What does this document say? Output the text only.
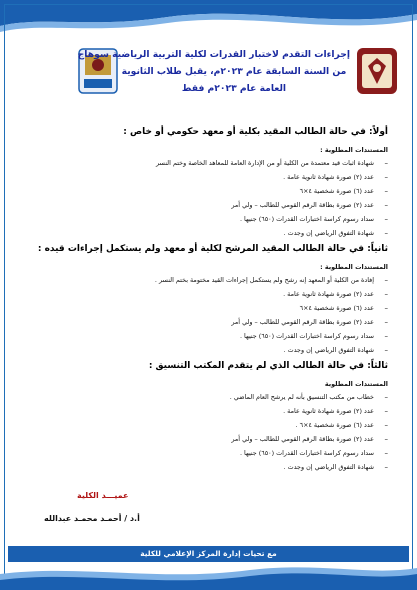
إجراءات التقدم لاختبار القدرات لكلية التربية الرياضية سوهاج
من السنة السابقة عام ٢٠٢٣م، يقبل طلاب الثانوية
العامة عام ٢٠٢٣م فقط
أولاً: في حالة الطالب المقيد بكلية أو معهد حكومي أو خاص :
المستندات المطلوبة :
– شهادة اثبات قيد معتمدة من الكلية أو من الإدارة العامة للمعاهد الخاصة وختم النسر
– عدد (٢) صورة شهادة ثانوية عامة .
– عدد (٦) صورة شخصية ٤×٦
– عدد (٢) صورة بطاقة الرقم القومي للطالب – ولي أمر
– سداد رسوم كراسة اختبارات القدرات (٦٥٠) جنيها .
– شهادة التفوق الرياضي إن وجدت .
ثانياً: في حالة الطالب المقيد المرشح لكلية أو معهد ولم يستكمل إجراءات قيده :
المستندات المطلوبة :
– إفادة من الكلية أو المعهد إنه رشح ولم يستكمل إجراءات القيد مختومة بختم النسر .
– عدد (٢) صورة شهادة ثانوية عامة .
– عدد (٦) صورة شخصية ٤×٦
– عدد (٢) صورة بطاقة الرقم القومي للطالب – ولي أمر
– سداد رسوم كراسة اختبارات القدرات (٦٥٠) جنيها .
– شهادة التفوق الرياضي إن وجدت .
ثالثاً: في حالة الطالب الذي لم يتقدم المكتب التنسيق :
المستندات المطلوبة
– خطاب من مكتب التنسيق بأنه لم يرشح العام الماضي .
– عدد (٢) صورة شهادة ثانوية عامة .
– عدد (٦) صورة شخصية ٤×٦ .
– عدد (٢) صورة بطاقة الرقم القومي للطالب – ولي أمر
– سداد رسوم كراسة اختبارات القدرات (٦٥٠) جنيها .
– شهادة التفوق الرياضي إن وجدت .
عميـــد الكلية
أ.د / أحمـد محمـد عبدالله
مع تحيات إدارة المركز الإعلامي للكلية
